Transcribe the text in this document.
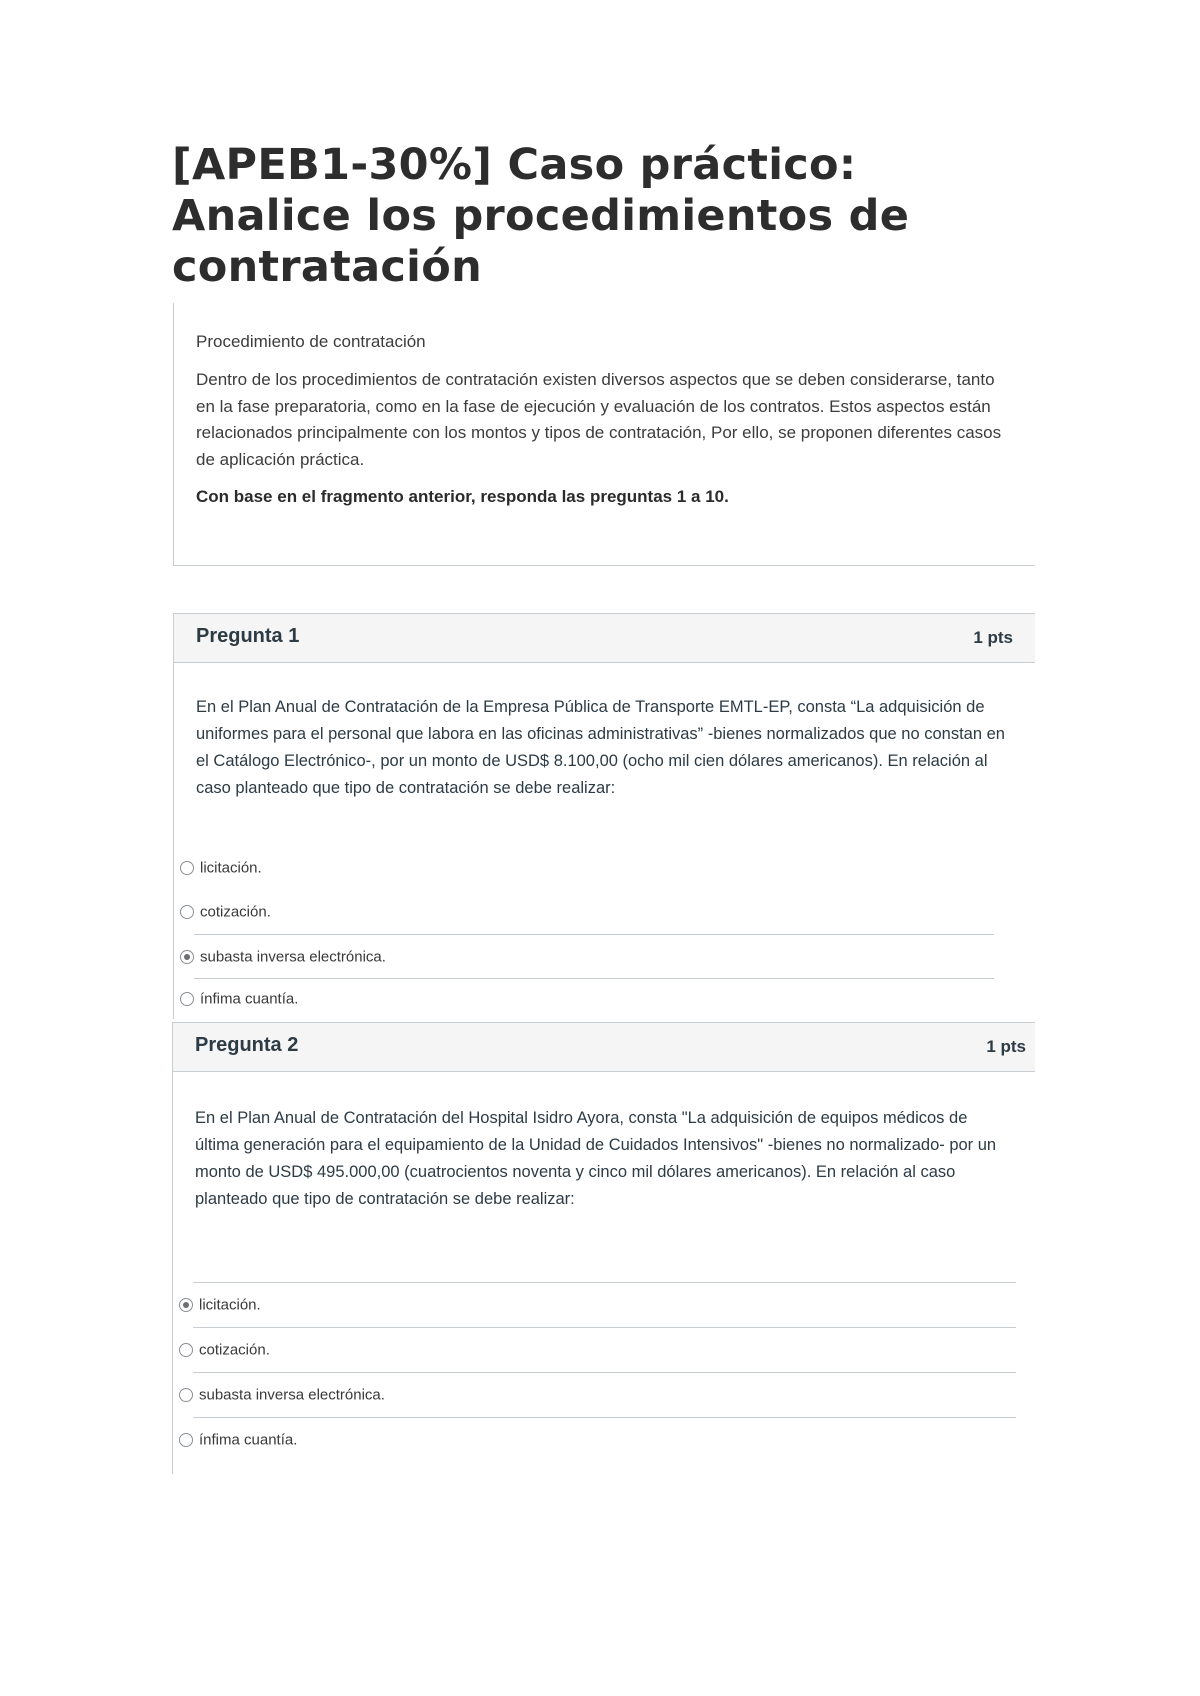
[APEB1-30%] Caso práctico: Analice los procedimientos de contratación

Procedimiento de contratación

Dentro de los procedimientos de contratación existen diversos aspectos que se deben considerarse, tanto en la fase preparatoria, como en la fase de ejecución y evaluación de los contratos. Estos aspectos están relacionados principalmente con los montos y tipos de contratación, Por ello, se proponen diferentes casos de aplicación práctica.

Con base en el fragmento anterior, responda las preguntas 1 a 10.

Pregunta 1	1 pts

En el Plan Anual de Contratación de la Empresa Pública de Transporte EMTL-EP, consta “La adquisición de uniformes para el personal que labora en las oficinas administrativas” -bienes normalizados que no constan en el Catálogo Electrónico-, por un monto de USD$ 8.100,00 (ocho mil cien dólares americanos). En relación al caso planteado que tipo de contratación se debe realizar:

licitación.
cotización.
subasta inversa electrónica.
ínfima cuantía.
Pregunta 2	1 pts

En el Plan Anual de Contratación del Hospital Isidro Ayora, consta "La adquisición de equipos médicos de última generación para el equipamiento de la Unidad de Cuidados Intensivos" -bienes no normalizado- por un monto de USD$ 495.000,00 (cuatrocientos noventa y cinco mil dólares americanos). En relación al caso planteado que tipo de contratación se debe realizar:

licitación.
cotización.
subasta inversa electrónica.
ínfima cuantía.
